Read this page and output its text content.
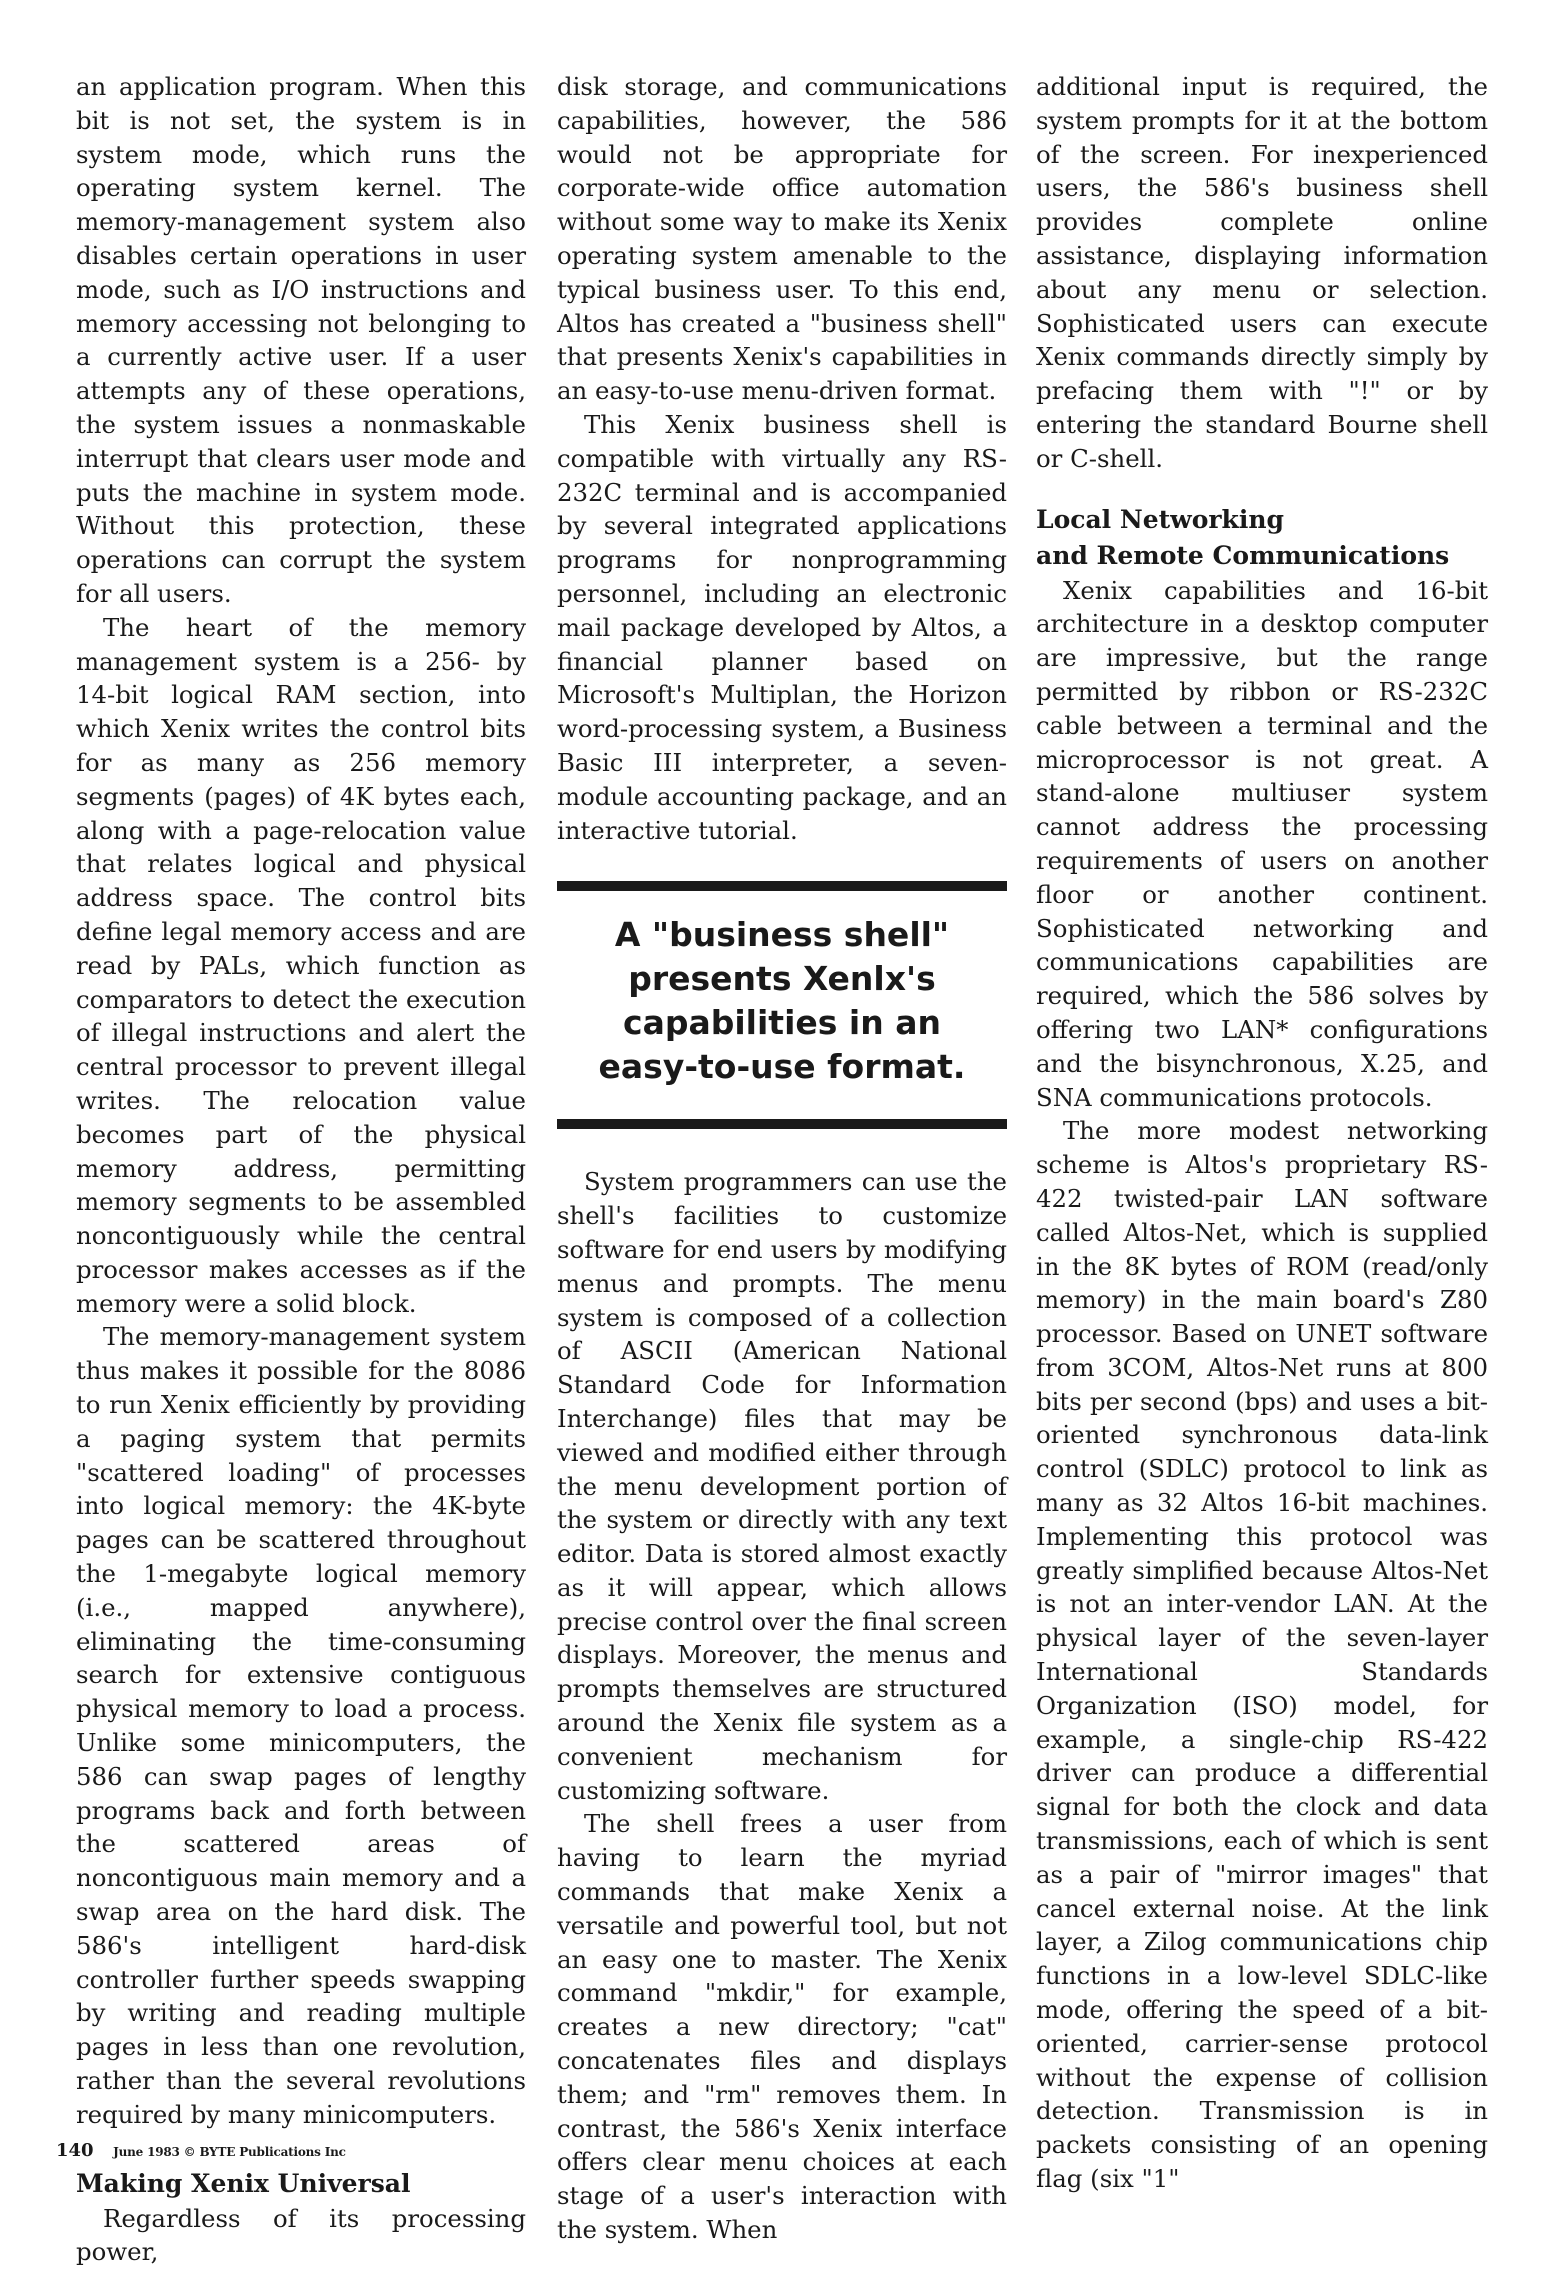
an application program. When this bit is not set, the system is in system mode, which runs the operating system kernel. The memory-management system also disables certain operations in user mode, such as I/O instructions and memory accessing not belonging to a currently active user. If a user attempts any of these operations, the system issues a nonmaskable interrupt that clears user mode and puts the machine in system mode. Without this protection, these operations can corrupt the system for all users.

The heart of the memory management system is a 256- by 14-bit logical RAM section, into which Xenix writes the control bits for as many as 256 memory segments (pages) of 4K bytes each, along with a page-relocation value that relates logical and physical address space. The control bits define legal memory access and are read by PALs, which function as comparators to detect the execution of illegal instructions and alert the central processor to prevent illegal writes. The relocation value becomes part of the physical memory address, permitting memory segments to be assembled noncontiguously while the central processor makes accesses as if the memory were a solid block.

The memory-management system thus makes it possible for the 8086 to run Xenix efficiently by providing a paging system that permits "scattered loading" of processes into logical memory: the 4K-byte pages can be scattered throughout the 1-megabyte logical memory (i.e., mapped anywhere), eliminating the time-consuming search for extensive contiguous physical memory to load a process. Unlike some minicomputers, the 586 can swap pages of lengthy programs back and forth between the scattered areas of noncontiguous main memory and a swap area on the hard disk. The 586's intelligent hard-disk controller further speeds swapping by writing and reading multiple pages in less than one revolution, rather than the several revolutions required by many minicomputers.

Making Xenix Universal

Regardless of its processing power,

disk storage, and communications capabilities, however, the 586 would not be appropriate for corporate-wide office automation without some way to make its Xenix operating system amenable to the typical business user. To this end, Altos has created a "business shell" that presents Xenix's capabilities in an easy-to-use menu-driven format.

This Xenix business shell is compatible with virtually any RS-232C terminal and is accompanied by several integrated applications programs for nonprogramming personnel, including an electronic mail package developed by Altos, a financial planner based on Microsoft's Multiplan, the Horizon word-processing system, a Business Basic III interpreter, a seven-module accounting package, and an interactive tutorial.

A "business shell"
presents Xenlx's
capabilities in an
easy-to-use format.

System programmers can use the shell's facilities to customize software for end users by modifying menus and prompts. The menu system is composed of a collection of ASCII (American National Standard Code for Information Interchange) files that may be viewed and modified either through the menu development portion of the system or directly with any text editor. Data is stored almost exactly as it will appear, which allows precise control over the final screen displays. Moreover, the menus and prompts themselves are structured around the Xenix file system as a convenient mechanism for customizing software.

The shell frees a user from having to learn the myriad commands that make Xenix a versatile and powerful tool, but not an easy one to master. The Xenix command "mkdir," for example, creates a new directory; "cat" concatenates files and displays them; and "rm" removes them. In contrast, the 586's Xenix interface offers clear menu choices at each stage of a user's interaction with the system. When

additional input is required, the system prompts for it at the bottom of the screen. For inexperienced users, the 586's business shell provides complete online assistance, displaying information about any menu or selection. Sophisticated users can execute Xenix commands directly simply by prefacing them with "!" or by entering the standard Bourne shell or C-shell.

Local Networking
and Remote Communications

Xenix capabilities and 16-bit architecture in a desktop computer are impressive, but the range permitted by ribbon or RS-232C cable between a terminal and the microprocessor is not great. A stand-alone multiuser system cannot address the processing requirements of users on another floor or another continent. Sophisticated networking and communications capabilities are required, which the 586 solves by offering two LAN* configurations and the bisynchronous, X.25, and SNA communications protocols.

The more modest networking scheme is Altos's proprietary RS-422 twisted-pair LAN software called Altos-Net, which is supplied in the 8K bytes of ROM (read/only memory) in the main board's Z80 processor. Based on UNET software from 3COM, Altos-Net runs at 800 bits per second (bps) and uses a bit-oriented synchronous data-link control (SDLC) protocol to link as many as 32 Altos 16-bit machines. Implementing this protocol was greatly simplified because Altos-Net is not an inter-vendor LAN. At the physical layer of the seven-layer International Standards Organization (ISO) model, for example, a single-chip RS-422 driver can produce a differential signal for both the clock and data transmissions, each of which is sent as a pair of "mirror images" that cancel external noise. At the link layer, a Zilog communications chip functions in a low-level SDLC-like mode, offering the speed of a bit-oriented, carrier-sense protocol without the expense of collision detection. Transmission is in packets consisting of an opening flag (six "1"

140 June 1983 © BYTE Publications Inc
